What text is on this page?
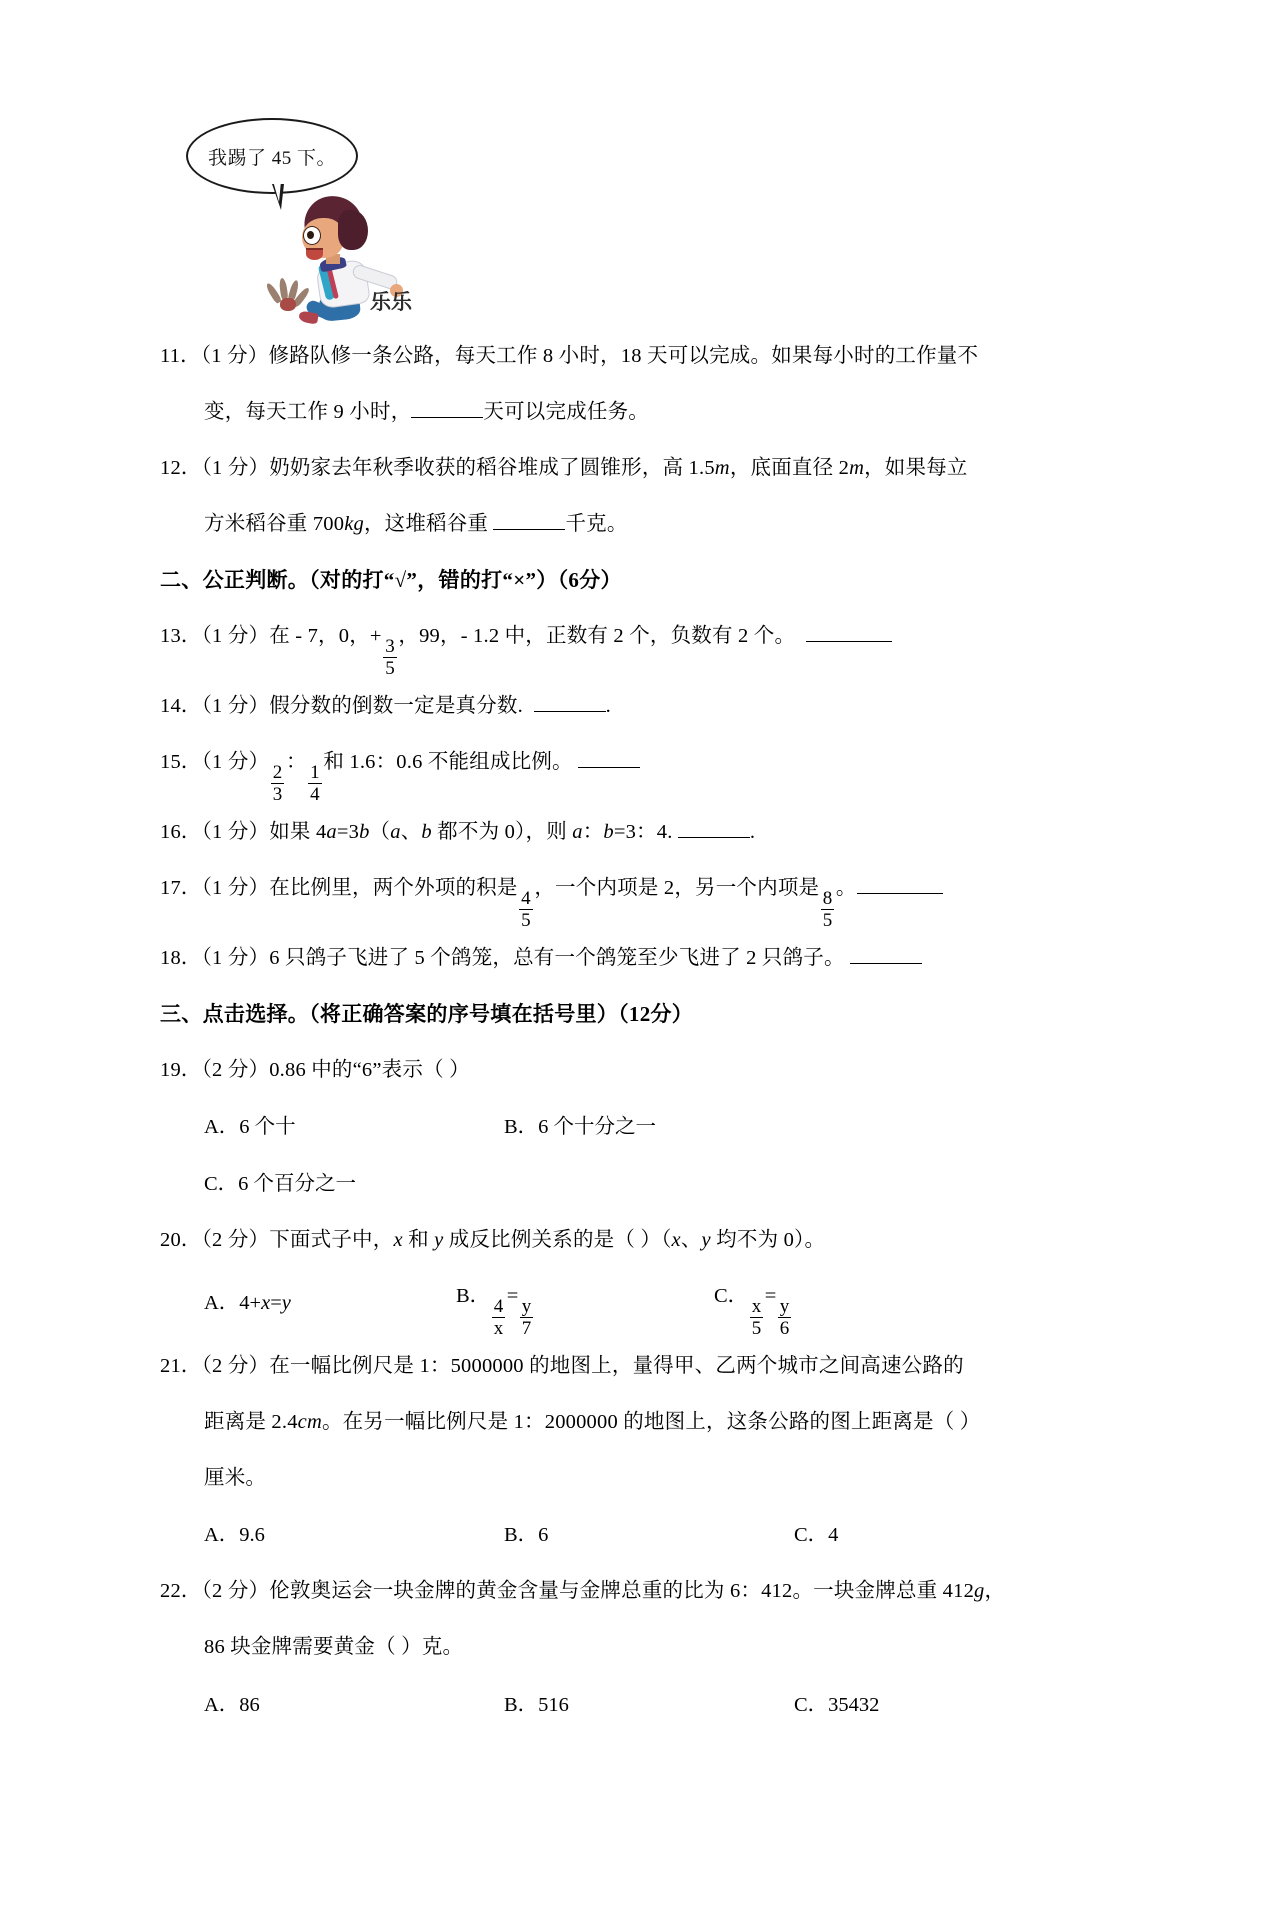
我踢了 45 下。
乐乐
11．（1 分）修路队修一条公路，每天工作 8 小时，18 天可以完成。如果每小时的工作量不
变，每天工作 9 小时，	天可以完成任务。
12．（1 分）奶奶家去年秋季收获的稻谷堆成了圆锥形，高 1.5m，底面直径 2m，如果每立
方米稻谷重 700kg，这堆稻谷重	千克。
二、公正判断。（对的打“√”，错的打“×”）（6分）
13．（1 分）在 - 7，0，+
$\frac{3}{5}$
，99，- 1.2 中，正数有 2 个，负数有 2 个。
14．（1 分）假分数的倒数一定是真分数.	.
15．（1 分）
$\frac{2}{3}$
：
$\frac{1}{4}$
和 1.6：0.6 不能组成比例。
16．（1 分）如果 4a=3b（a、b 都不为 0），则 a：b=3：4.	.
17．（1 分）在比例里，两个外项的积是
$\frac{4}{5}$
，一个内项是 2，另一个内项是
$\frac{8}{5}$
。
18．（1 分）6 只鸽子飞进了 5 个鸽笼，总有一个鸽笼至少飞进了 2 只鸽子。
三、点击选择。（将正确答案的序号填在括号里）（12分）
19．（2 分）0.86 中的“6”表示（ ）
A．6 个十	B．6 个十分之一
C．6 个百分之一
20．（2 分）下面式子中，x 和 y 成反比例关系的是（ ）（x、y 均不为 0）。
A．4+x=y	B．
$\frac{4}{x}$
=
$\frac{y}{7}$
C．
$\frac{x}{5}$
=
$\frac{y}{6}$
21．（2 分）在一幅比例尺是 1：5000000 的地图上，量得甲、乙两个城市之间高速公路的
距离是 2.4cm。在另一幅比例尺是 1：2000000 的地图上，这条公路的图上距离是（ ）
厘米。
A．9.6	B．6	C．4
22．（2 分）伦敦奥运会一块金牌的黄金含量与金牌总重的比为 6：412。一块金牌总重 412g，
86 块金牌需要黄金（ ）克。
A．86	B．516	C．35432
